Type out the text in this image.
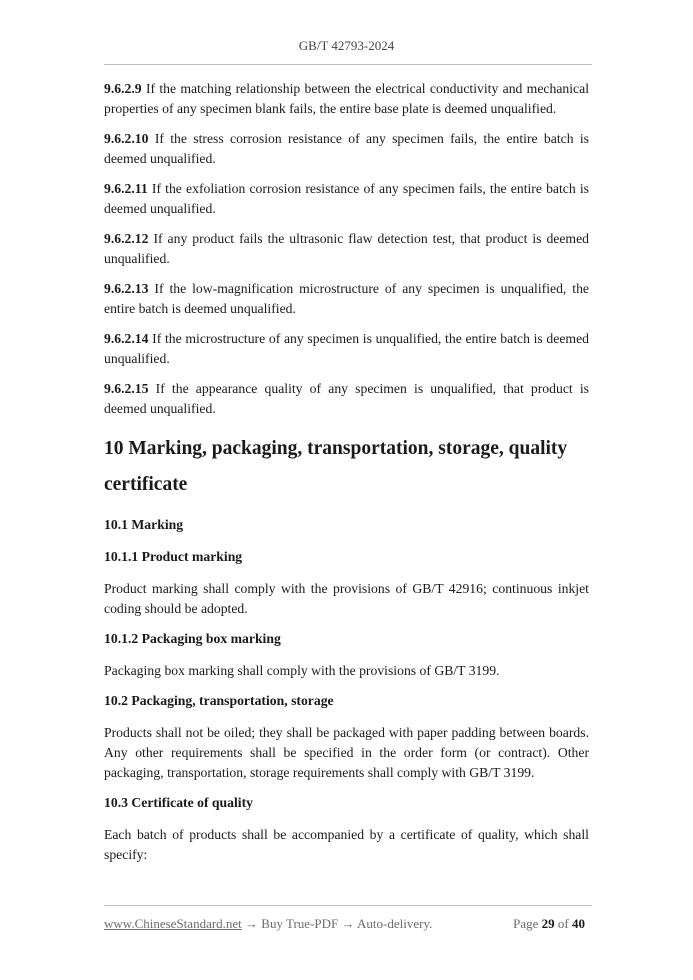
GB/T 42793-2024

9.6.2.9 If the matching relationship between the electrical conductivity and mechanical properties of any specimen blank fails, the entire base plate is deemed unqualified.

9.6.2.10 If the stress corrosion resistance of any specimen fails, the entire batch is deemed unqualified.

9.6.2.11 If the exfoliation corrosion resistance of any specimen fails, the entire batch is deemed unqualified.

9.6.2.12 If any product fails the ultrasonic flaw detection test, that product is deemed unqualified.

9.6.2.13 If the low-magnification microstructure of any specimen is unqualified, the entire batch is deemed unqualified.

9.6.2.14 If the microstructure of any specimen is unqualified, the entire batch is deemed unqualified.

9.6.2.15 If the appearance quality of any specimen is unqualified, that product is deemed unqualified.

10 Marking, packaging, transportation, storage, quality certificate
10.1 Marking
10.1.1 Product marking

Product marking shall comply with the provisions of GB/T 42916; continuous inkjet coding should be adopted.

10.1.2 Packaging box marking

Packaging box marking shall comply with the provisions of GB/T 3199.

10.2 Packaging, transportation, storage

Products shall not be oiled; they shall be packaged with paper padding between boards. Any other requirements shall be specified in the order form (or contract). Other packaging, transportation, storage requirements shall comply with GB/T 3199.

10.3 Certificate of quality

Each batch of products shall be accompanied by a certificate of quality, which shall specify:

www.ChineseStandard.net → Buy True-PDF → Auto-delivery.	Page 29 of 40
